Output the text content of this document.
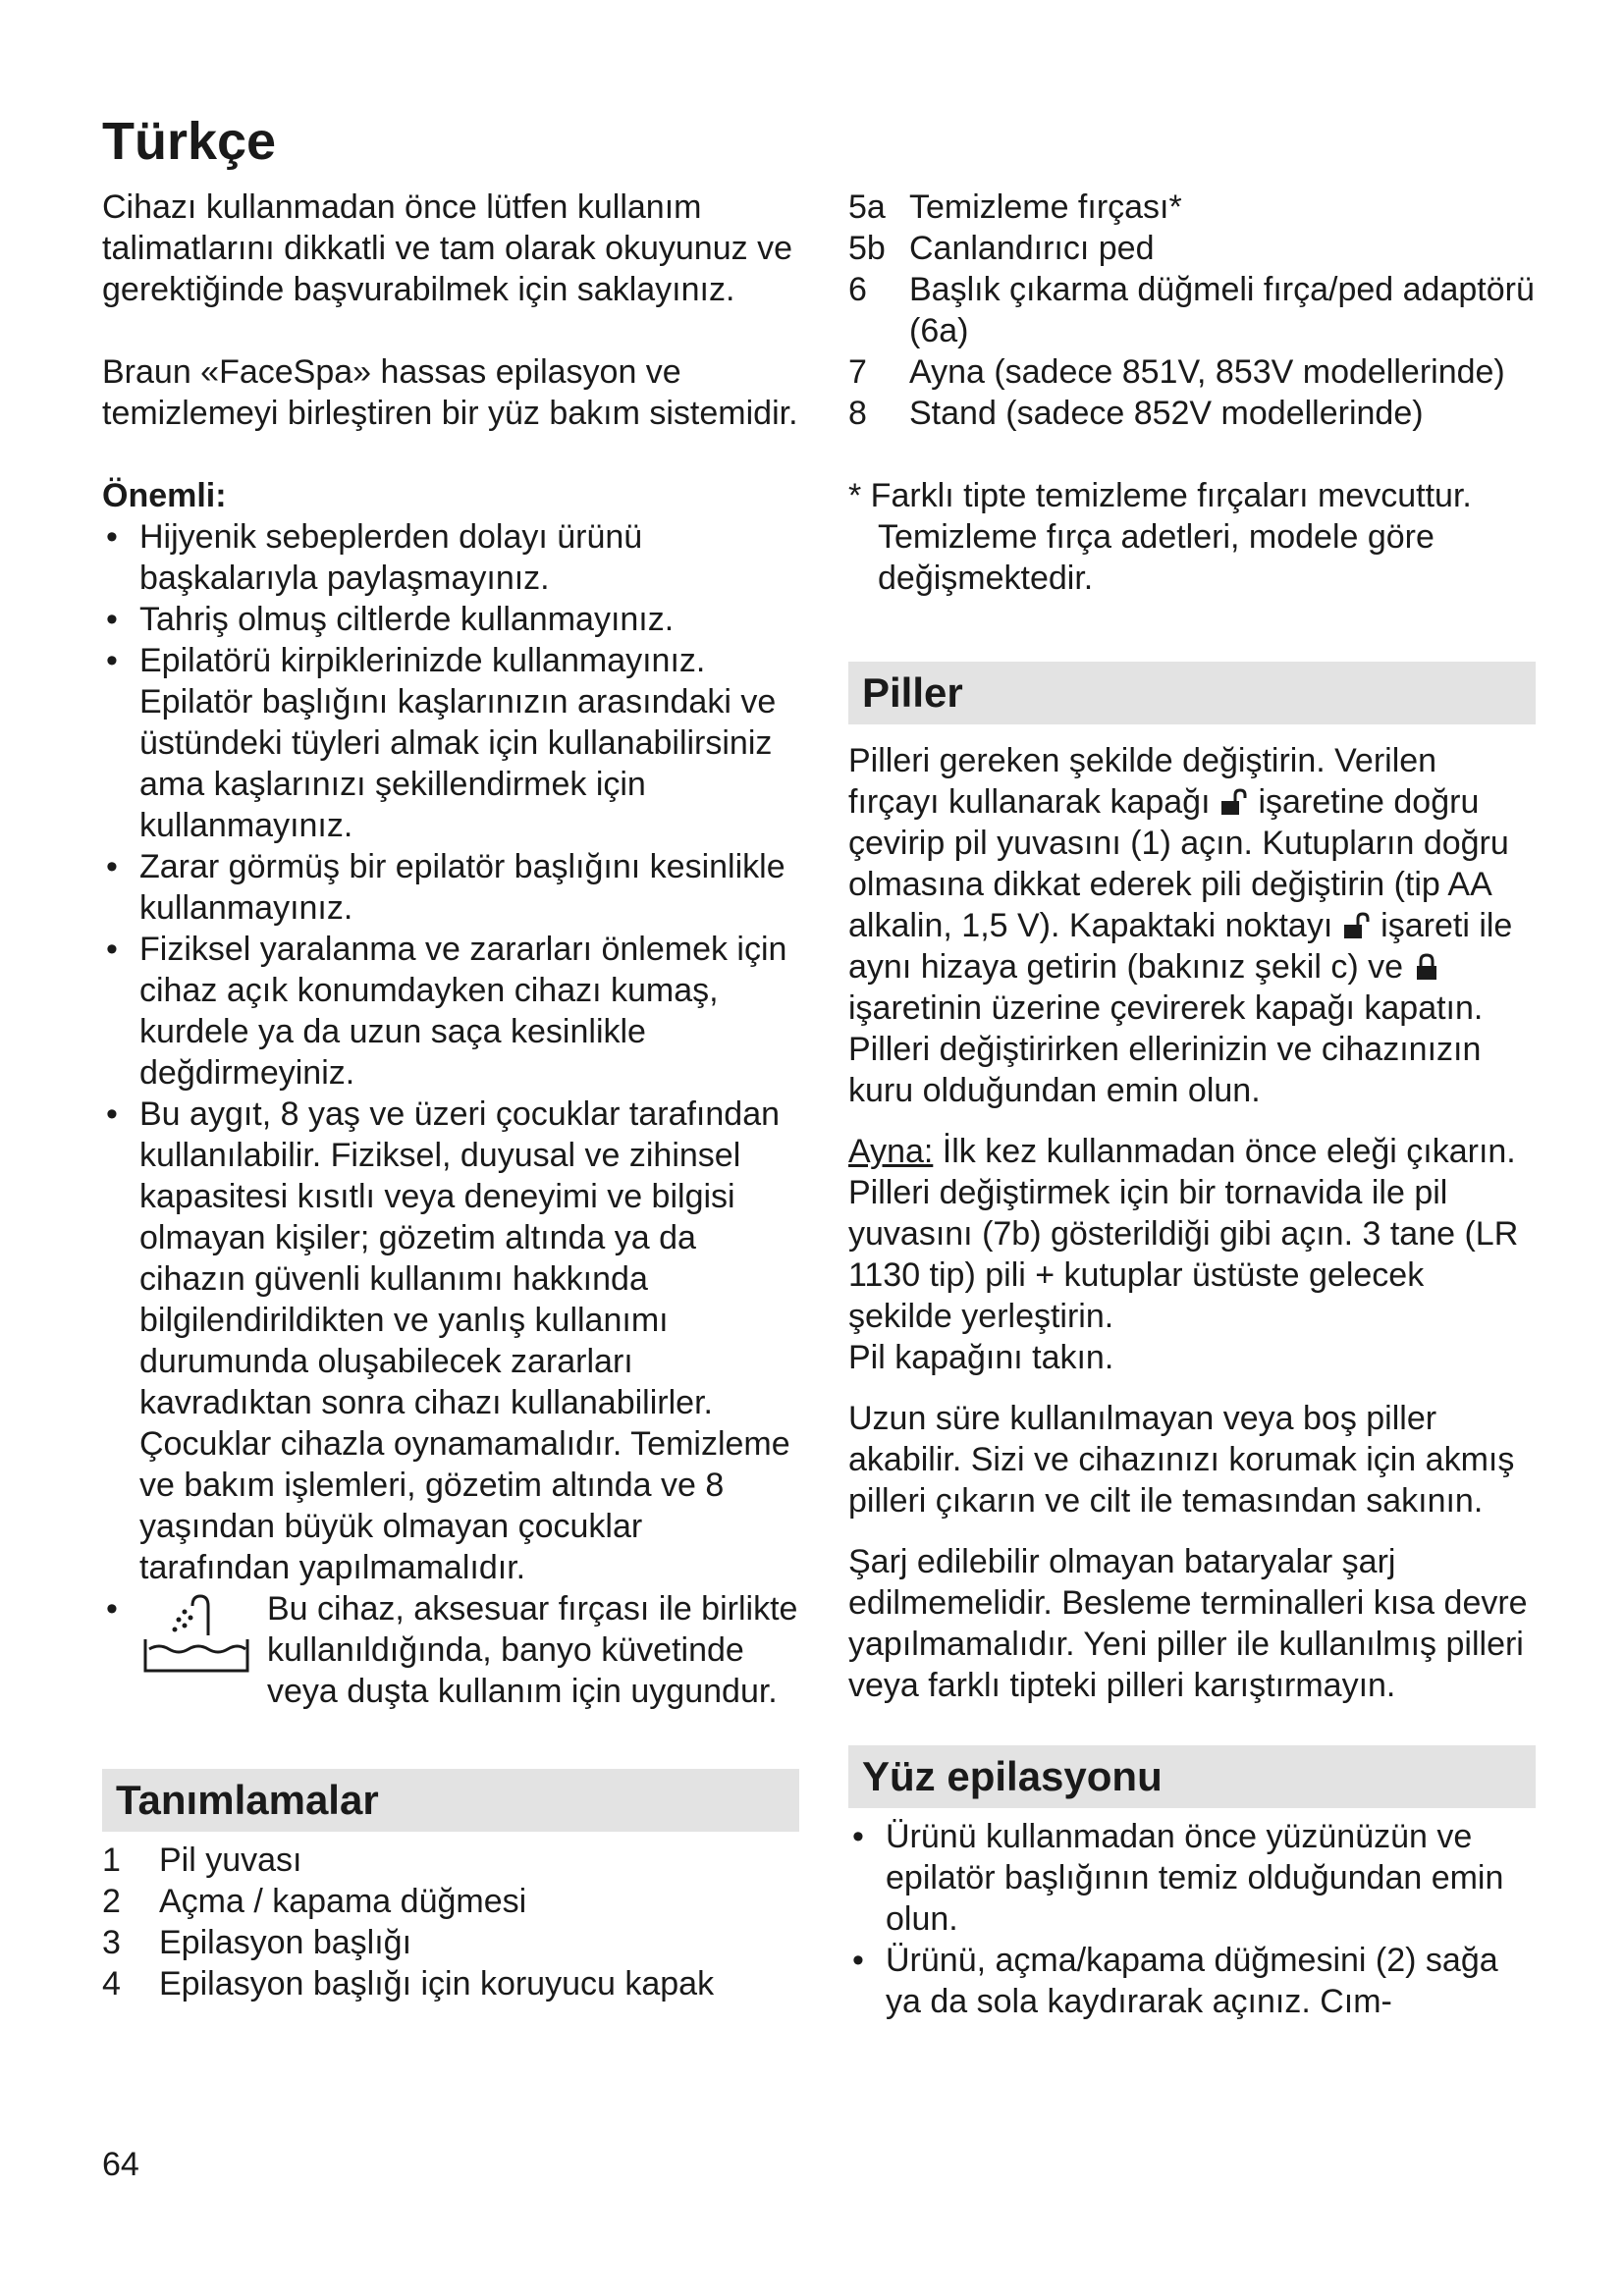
Türkçe

Cihazı kullanmadan önce lütfen kullanım talimatlarını dikkatli ve tam olarak okuyunuz ve gerektiğinde başvurabilmek için saklayınız.

Braun «FaceSpa» hassas epilasyon ve temizlemeyi birleştiren bir yüz bakım sistemidir.

Önemli:

• Hijyenik sebeplerden dolayı ürünü başkalarıyla paylaşmayınız.
• Tahriş olmuş ciltlerde kullanmayınız.
• Epilatörü kirpiklerinizde kullanmayınız. Epilatör başlığını kaşlarınızın arasındaki ve üstündeki tüyleri almak için kullanabilirsiniz ama kaşlarınızı şekillendirmek için kullanmayınız.
• Zarar görmüş bir epilatör başlığını kesinlikle kullanmayınız.
• Fiziksel yaralanma ve zararları önlemek için cihaz açık konumdayken cihazı kumaş, kurdele ya da uzun saça kesinlikle değdirmeyiniz.
• Bu aygıt, 8 yaş ve üzeri çocuklar tarafından kullanılabilir. Fiziksel, duyusal ve zihinsel kapasitesi kısıtlı veya deneyimi ve bilgisi olmayan kişiler; gözetim altında ya da cihazın güvenli kullanımı hakkında bilgilendirildikten ve yanlış kullanımı durumunda oluşabilecek zararları kavradıktan sonra cihazı kullanabilirler. Çocuklar cihazla oynamamalıdır. Temizleme ve bakım işlemleri, gözetim altında ve 8 yaşından büyük olmayan çocuklar tarafından yapılmamalıdır.
• Bu cihaz, aksesuar fırçası ile birlikte kullanıldığında, banyo küvetinde veya duşta kullanım için uygundur.
Tanımlamalar
1 Pil yuvası
2 Açma / kapama düğmesi
3 Epilasyon başlığı
4 Epilasyon başlığı için koruyucu kapak
5a Temizleme fırçası*
5b Canlandırıcı ped
6 Başlık çıkarma düğmeli fırça/ped adaptörü (6a)
7 Ayna (sadece 851V, 853V modellerinde)
8 Stand (sadece 852V modellerinde)

* Farklı tipte temizleme fırçaları mevcuttur. Temizleme fırça adetleri, modele göre değişmektedir.

Piller

Pilleri gereken şekilde değiştirin. Verilen fırçayı kullanarak kapağı işaretine doğru çevirip pil yuvasını (1) açın. Kutupların doğru olmasına dikkat ederek pili değiştirin (tip AA alkalin, 1,5 V). Kapaktaki noktayı işareti ile aynı hizaya getirin (bakınız şekil c) ve  işaretinin üzerine çevirerek kapağı kapatın. Pilleri değiştirirken ellerinizin ve cihazınızın kuru olduğundan emin olun.

Ayna: İlk kez kullanmadan önce eleği çıkarın. Pilleri değiştirmek için bir tornavida ile pil yuvasını (7b) gösterildiği gibi açın. 3 tane (LR 1130 tip) pili + kutuplar üstüste gelecek şekilde yerleştirin.

Pil kapağını takın.

Uzun süre kullanılmayan veya boş piller akabilir. Sizi ve cihazınızı korumak için akmış pilleri çıkarın ve cilt ile temasından sakının.

Şarj edilebilir olmayan bataryalar şarj edilmemelidir. Besleme terminalleri kısa devre yapılmamalıdır. Yeni piller ile kullanılmış pilleri veya farklı tipteki pilleri karıştırmayın.

Yüz epilasyonu
• Ürünü kullanmadan önce yüzünüzün ve epilatör başlığının temiz olduğundan emin olun.
• Ürünü, açma/kapama düğmesini (2) sağa ya da sola kaydırarak açınız. Cım-
64
